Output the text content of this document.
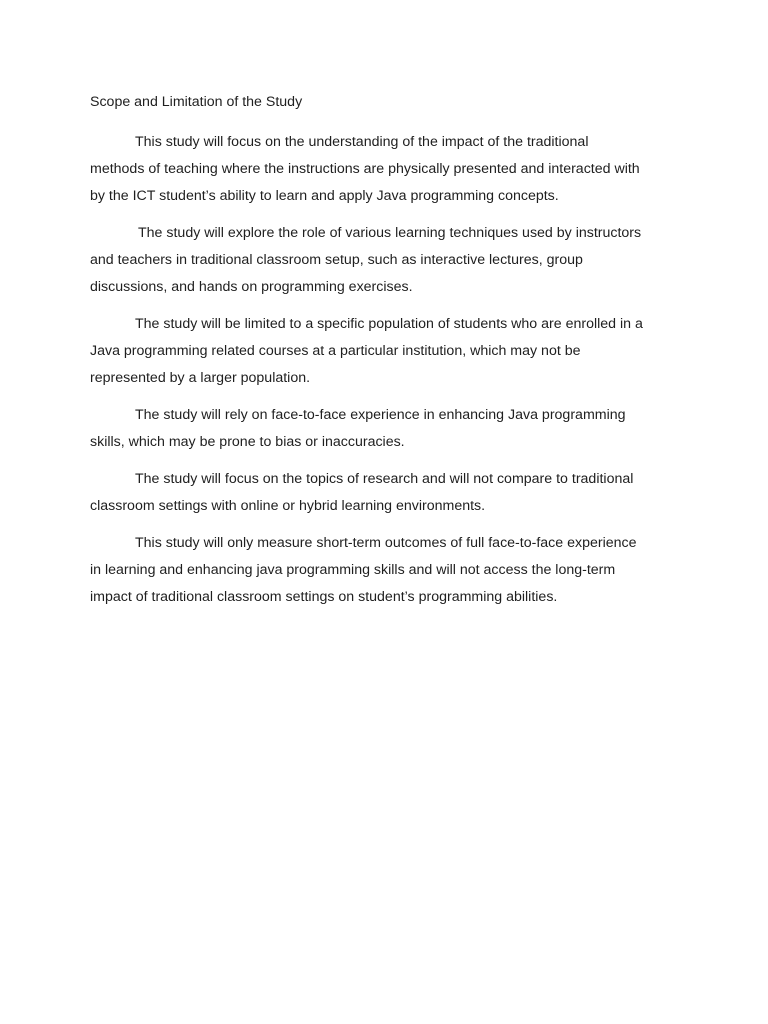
Scope and Limitation of the Study
This study will focus on the understanding of the impact of the traditional
methods of teaching where the instructions are physically presented and interacted with
by the ICT student’s ability to learn and apply Java programming concepts.
The study will explore the role of various learning techniques used by instructors
and teachers in traditional classroom setup, such as interactive lectures, group
discussions, and hands on programming exercises.
The study will be limited to a specific population of students who are enrolled in a
Java programming related courses at a particular institution, which may not be
represented by a larger population.
The study will rely on face-to-face experience in enhancing Java programming
skills, which may be prone to bias or inaccuracies.
The study will focus on the topics of research and will not compare to traditional
classroom settings with online or hybrid learning environments.
This study will only measure short-term outcomes of full face-to-face experience
in learning and enhancing java programming skills and will not access the long-term
impact of traditional classroom settings on student’s programming abilities.
